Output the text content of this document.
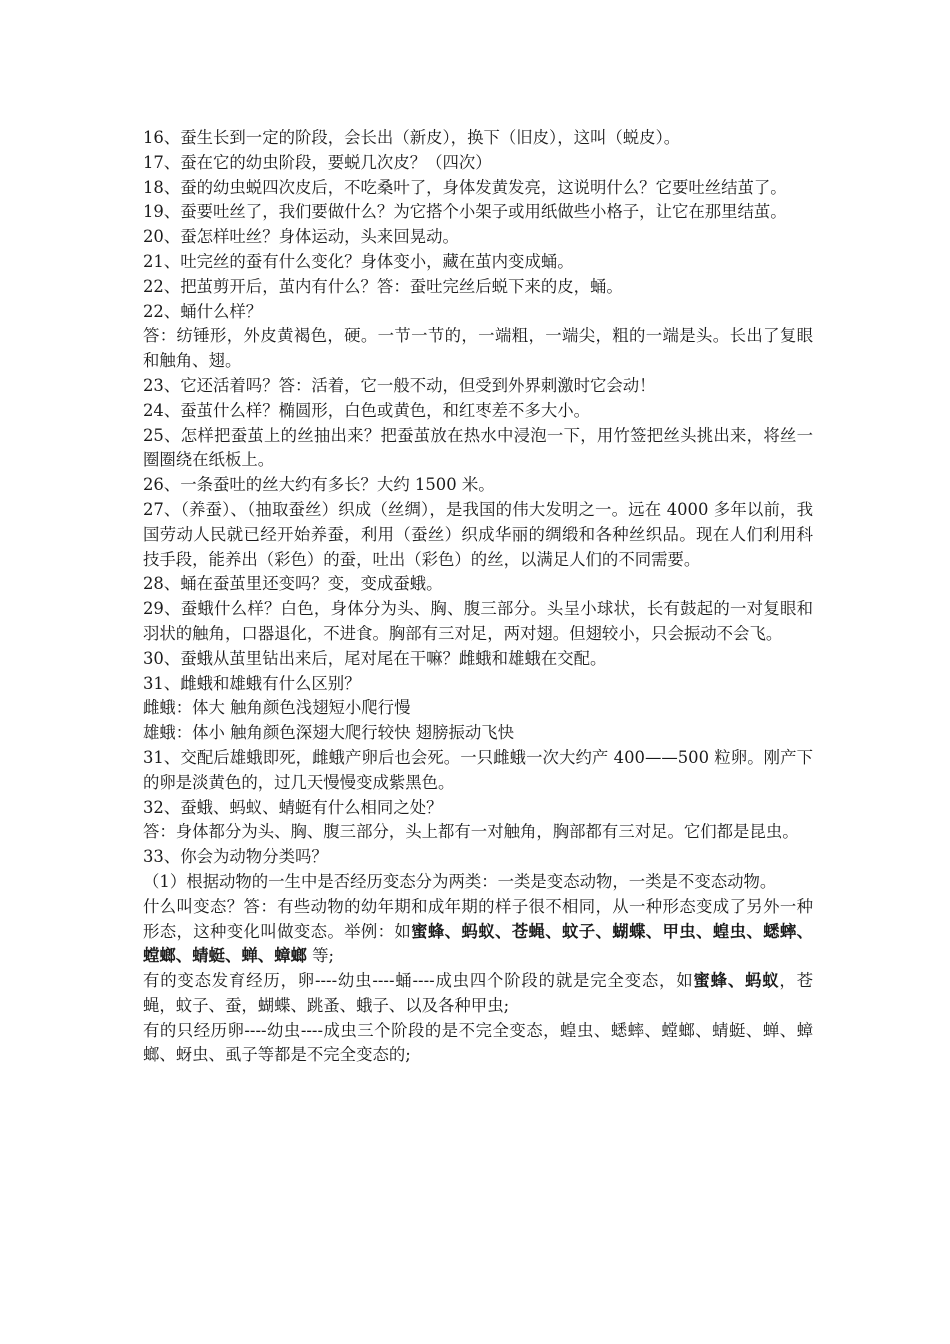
16、蚕生长到一定的阶段，会长出（新皮），换下（旧皮），这叫（蜕皮）。
17、蚕在它的幼虫阶段，要蜕几次皮？（四次）
18、蚕的幼虫蜕四次皮后，不吃桑叶了，身体发黄发亮，这说明什么？它要吐丝结茧了。
19、蚕要吐丝了，我们要做什么？为它搭个小架子或用纸做些小格子，让它在那里结茧。
20、蚕怎样吐丝？身体运动，头来回晃动。
21、吐完丝的蚕有什么变化？身体变小，藏在茧内变成蛹。
22、把茧剪开后，茧内有什么？答：蚕吐完丝后蜕下来的皮，蛹。
22、蛹什么样？
答：纺锤形，外皮黄褐色，硬。一节一节的，一端粗，一端尖，粗的一端是头。长出了复眼和触角、翅。
23、它还活着吗？答：活着，它一般不动，但受到外界刺激时它会动！
24、蚕茧什么样？椭圆形，白色或黄色，和红枣差不多大小。
25、怎样把蚕茧上的丝抽出来？把蚕茧放在热水中浸泡一下，用竹签把丝头挑出来，将丝一圈圈绕在纸板上。
26、一条蚕吐的丝大约有多长？大约 1500 米。
27、（养蚕）、（抽取蚕丝）织成（丝绸），是我国的伟大发明之一。远在 4000 多年以前，我国劳动人民就已经开始养蚕，利用（蚕丝）织成华丽的绸缎和各种丝织品。现在人们利用科技手段，能养出（彩色）的蚕，吐出（彩色）的丝，以满足人们的不同需要。
28、蛹在蚕茧里还变吗？变，变成蚕蛾。
29、蚕蛾什么样？白色，身体分为头、胸、腹三部分。头呈小球状，长有鼓起的一对复眼和羽状的触角，口器退化，不进食。胸部有三对足，两对翅。但翅较小，只会振动不会飞。
30、蚕蛾从茧里钻出来后，尾对尾在干嘛？雌蛾和雄蛾在交配。
31、雌蛾和雄蛾有什么区别？
雌蛾：体大 触角颜色浅翅短小爬行慢
雄蛾：体小 触角颜色深翅大爬行较快 翅膀振动飞快
31、交配后雄蛾即死，雌蛾产卵后也会死。一只雌蛾一次大约产 400——500 粒卵。刚产下的卵是淡黄色的，过几天慢慢变成紫黑色。
32、蚕蛾、蚂蚁、蜻蜓有什么相同之处？
答：身体都分为头、胸、腹三部分，头上都有一对触角，胸部都有三对足。它们都是昆虫。
33、你会为动物分类吗？
（1）根据动物的一生中是否经历变态分为两类：一类是变态动物，一类是不变态动物。
什么叫变态？答：有些动物的幼年期和成年期的样子很不相同，从一种形态变成了另外一种形态，这种变化叫做变态。举例：如蜜蜂、蚂蚁、苍蝇、蚊子、蝴蝶、甲虫、蝗虫、蟋蟀、螳螂、蜻蜓、蝉、蟑螂 等;
有的变态发育经历，卵----幼虫----蛹----成虫四个阶段的就是完全变态，如蜜蜂、蚂蚁，苍蝇，蚊子、蚕，蝴蝶、跳蚤、蛾子、以及各种甲虫;
有的只经历卵----幼虫----成虫三个阶段的是不完全变态，蝗虫、蟋蟀、螳螂、蜻蜓、蝉、蟑螂、蚜虫、虱子等都是不完全变态的;
